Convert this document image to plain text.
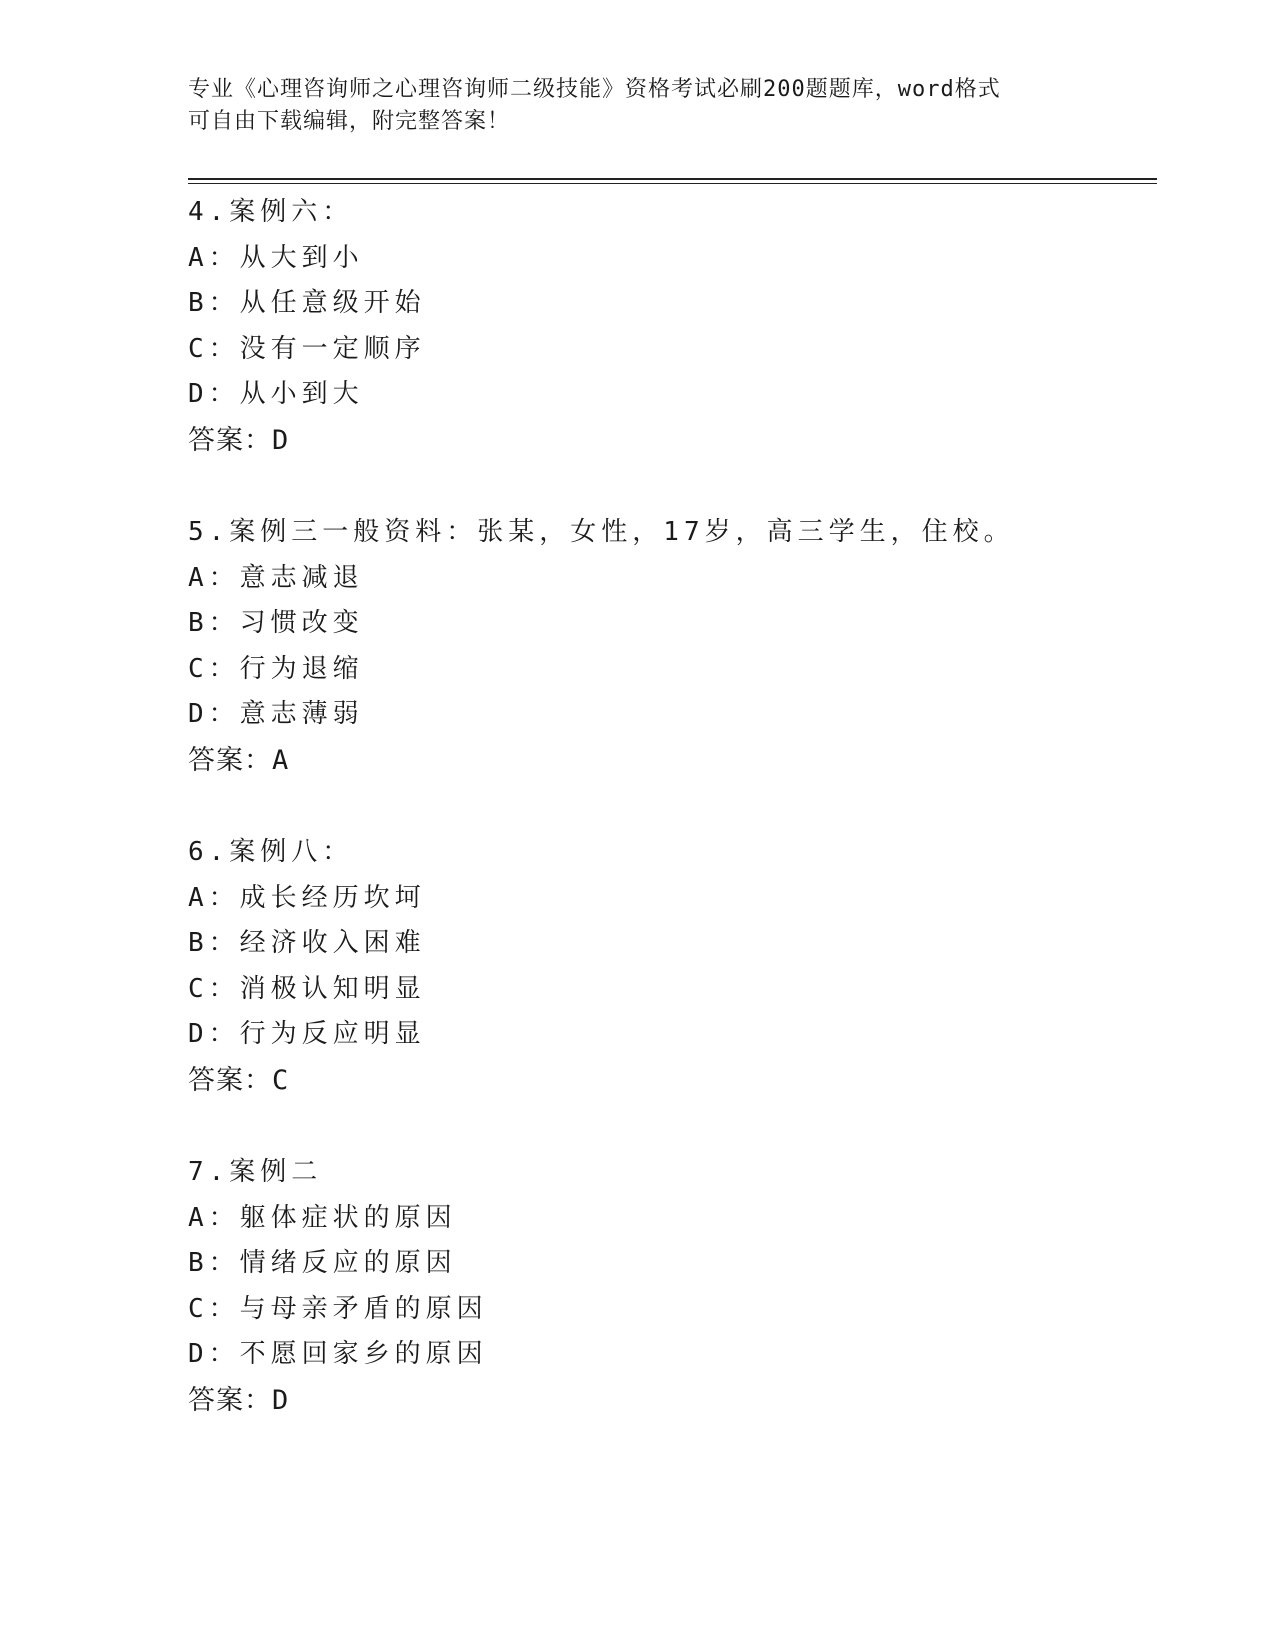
专业《心理咨询师之心理咨询师二级技能》资格考试必刷200题题库，word格式
可自由下载编辑，附完整答案！
4.案例六：
A：从大到小
B：从任意级开始
C：没有一定顺序
D：从小到大
答案：D
5.案例三一般资料：张某，女性，17岁，高三学生，住校。
A：意志减退
B：习惯改变
C：行为退缩
D：意志薄弱
答案：A
6.案例八：
A：成长经历坎坷
B：经济收入困难
C：消极认知明显
D：行为反应明显
答案：C
7.案例二
A：躯体症状的原因
B：情绪反应的原因
C：与母亲矛盾的原因
D：不愿回家乡的原因
答案：D
